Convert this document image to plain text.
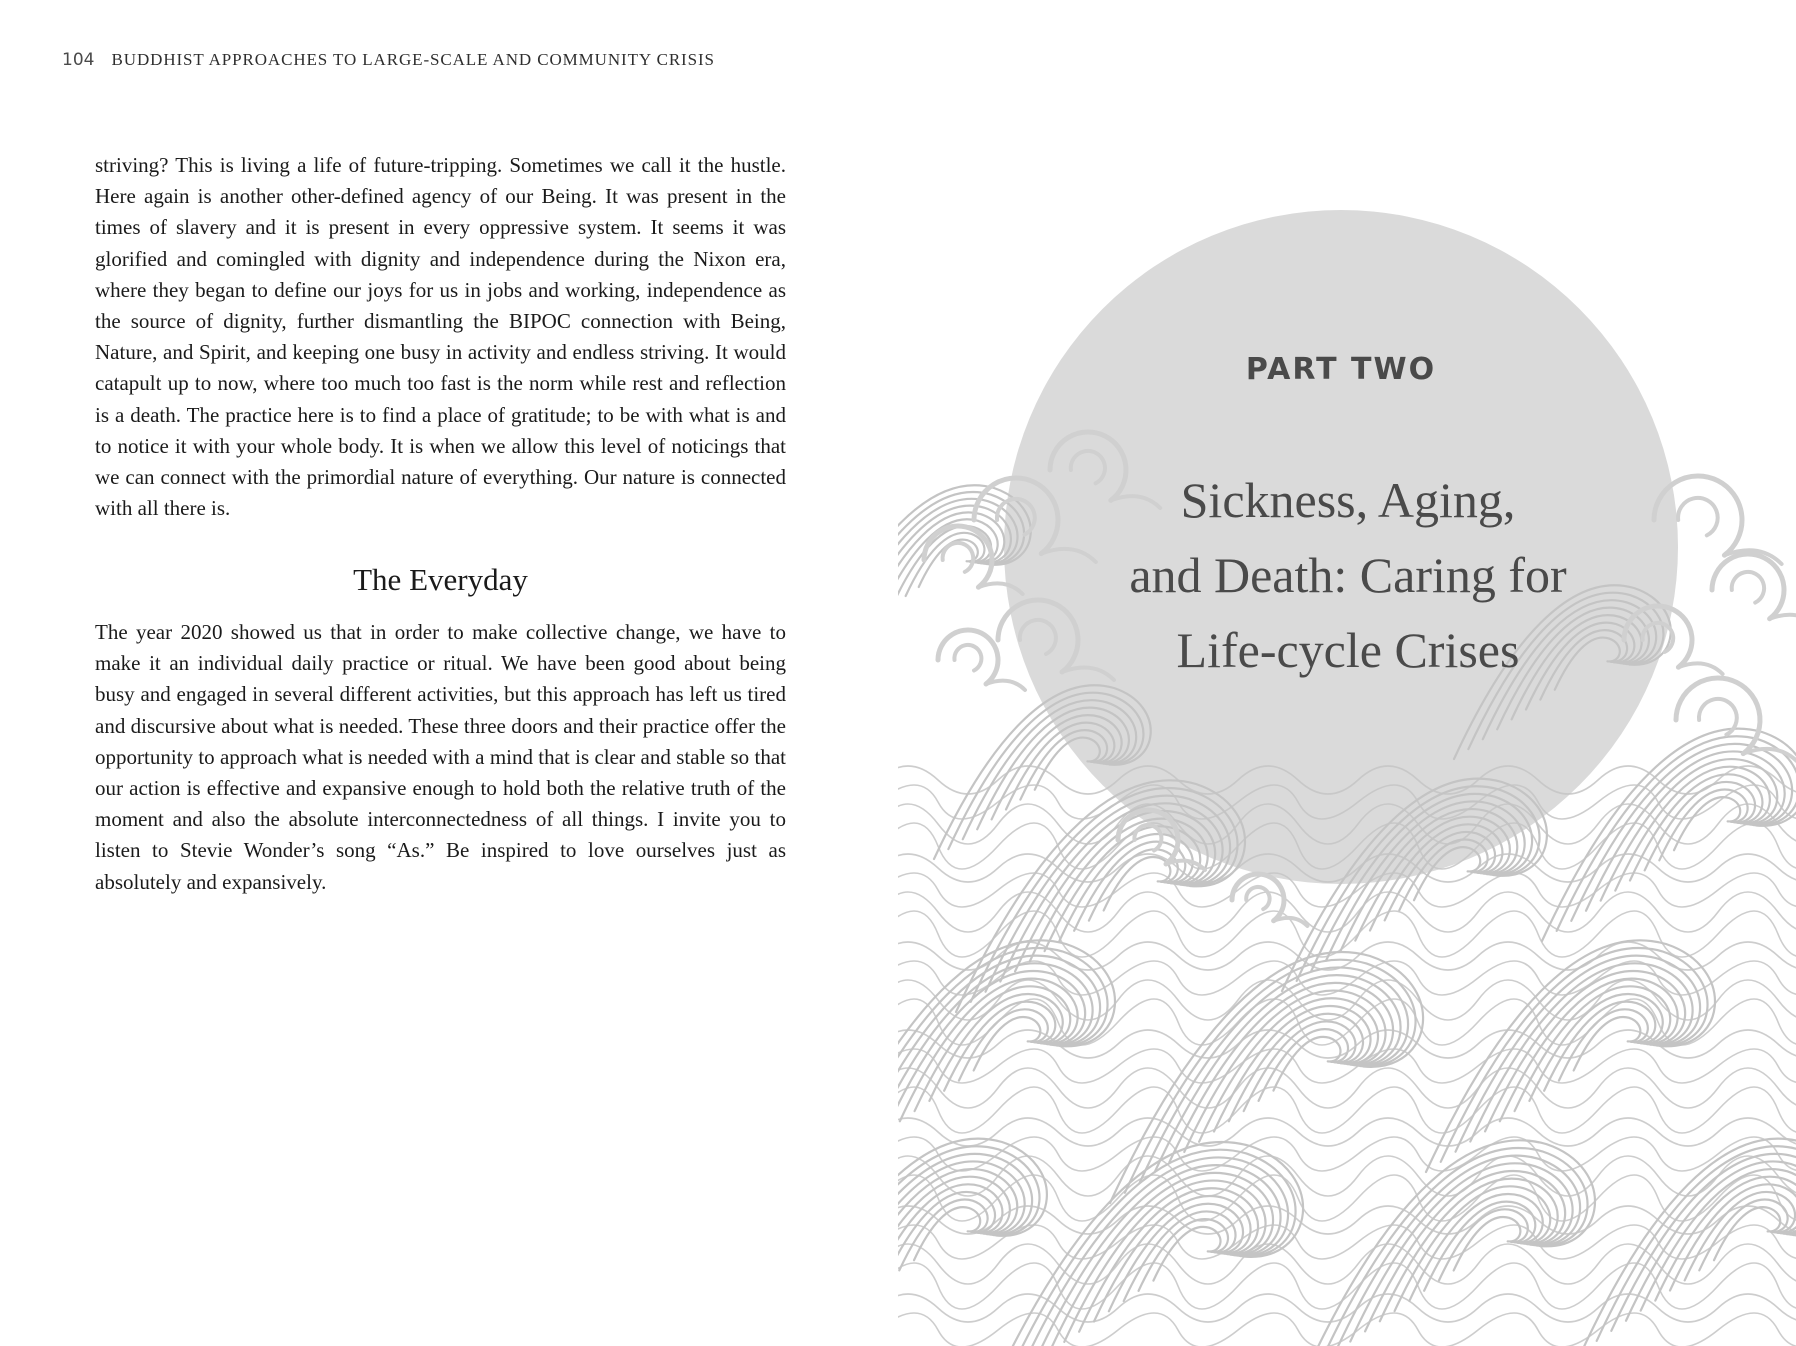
104 BUDDHIST APPROACHES TO LARGE-SCALE AND COMMUNITY CRISIS

striving? This is living a life of future-tripping. Sometimes we call it the hustle. Here again is another other-defined agency of our Being. It was present in the times of slavery and it is present in every oppressive system. It seems it was glorified and comingled with dignity and independence during the Nixon era, where they began to define our joys for us in jobs and working, independence as the source of dignity, further dismantling the BIPOC connection with Being, Nature, and Spirit, and keeping one busy in activity and endless striving. It would catapult up to now, where too much too fast is the norm while rest and reflection is a death. The practice here is to find a place of gratitude; to be with what is and to notice it with your whole body. It is when we allow this level of noticings that we can connect with the primordial nature of everything. Our nature is connected with all there is.

The Everyday

The year 2020 showed us that in order to make collective change, we have to make it an individual daily practice or ritual. We have been good about being busy and engaged in several different activities, but this approach has left us tired and discursive about what is needed. These three doors and their practice offer the opportunity to approach what is needed with a mind that is clear and stable so that our action is effective and expansive enough to hold both the relative truth of the moment and also the absolute interconnectedness of all things. I invite you to listen to Stevie Wonder’s song “As.” Be inspired to love ourselves just as absolutely and expansively.

PART TWO
Sickness, Aging,
and Death: Caring for
Life-cycle Crises
